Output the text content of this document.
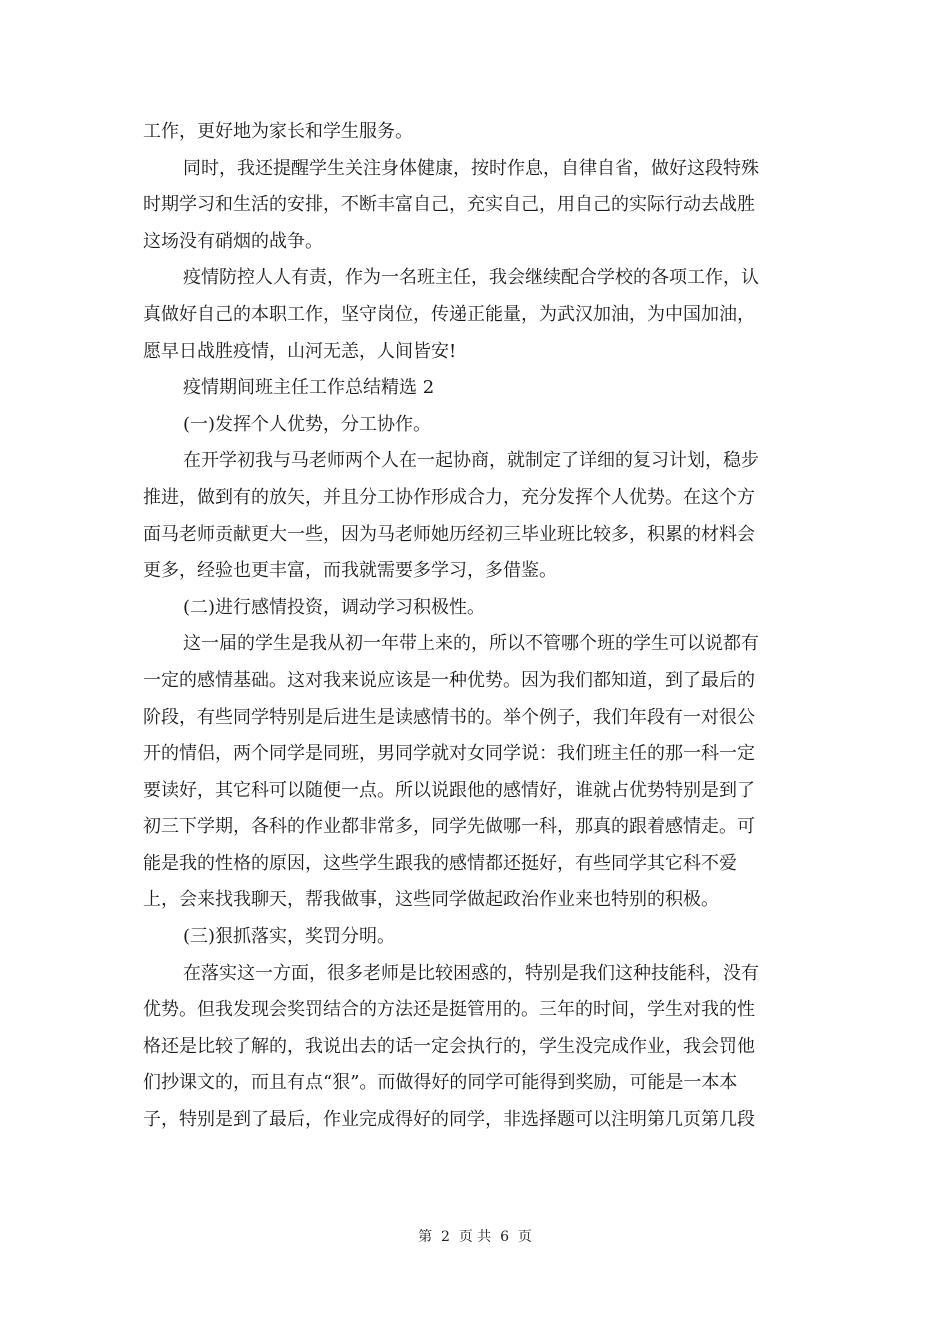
工作，更好地为家长和学生服务。
同时，我还提醒学生关注身体健康，按时作息，自律自省，做好这段特殊
时期学习和生活的安排，不断丰富自己，充实自己，用自己的实际行动去战胜
这场没有硝烟的战争。
疫情防控人人有责，作为一名班主任，我会继续配合学校的各项工作，认
真做好自己的本职工作，坚守岗位，传递正能量，为武汉加油，为中国加油，
愿早日战胜疫情，山河无恙，人间皆安!
疫情期间班主任工作总结精选 2
(一)发挥个人优势，分工协作。
在开学初我与马老师两个人在一起协商，就制定了详细的复习计划，稳步
推进，做到有的放矢，并且分工协作形成合力，充分发挥个人优势。在这个方
面马老师贡献更大一些，因为马老师她历经初三毕业班比较多，积累的材料会
更多，经验也更丰富，而我就需要多学习，多借鉴。
(二)进行感情投资，调动学习积极性。
这一届的学生是我从初一年带上来的，所以不管哪个班的学生可以说都有
一定的感情基础。这对我来说应该是一种优势。因为我们都知道，到了最后的
阶段，有些同学特别是后进生是读感情书的。举个例子，我们年段有一对很公
开的情侣，两个同学是同班，男同学就对女同学说：我们班主任的那一科一定
要读好，其它科可以随便一点。所以说跟他的感情好，谁就占优势特别是到了
初三下学期，各科的作业都非常多，同学先做哪一科，那真的跟着感情走。可
能是我的性格的原因，这些学生跟我的感情都还挺好，有些同学其它科不爱
上，会来找我聊天，帮我做事，这些同学做起政治作业来也特别的积极。
(三)狠抓落实，奖罚分明。
在落实这一方面，很多老师是比较困惑的，特别是我们这种技能科，没有
优势。但我发现会奖罚结合的方法还是挺管用的。三年的时间，学生对我的性
格还是比较了解的，我说出去的话一定会执行的，学生没完成作业，我会罚他
们抄课文的，而且有点“狠”。而做得好的同学可能得到奖励，可能是一本本
子，特别是到了最后，作业完成得好的同学，非选择题可以注明第几页第几段
第  2  页 共  6  页
